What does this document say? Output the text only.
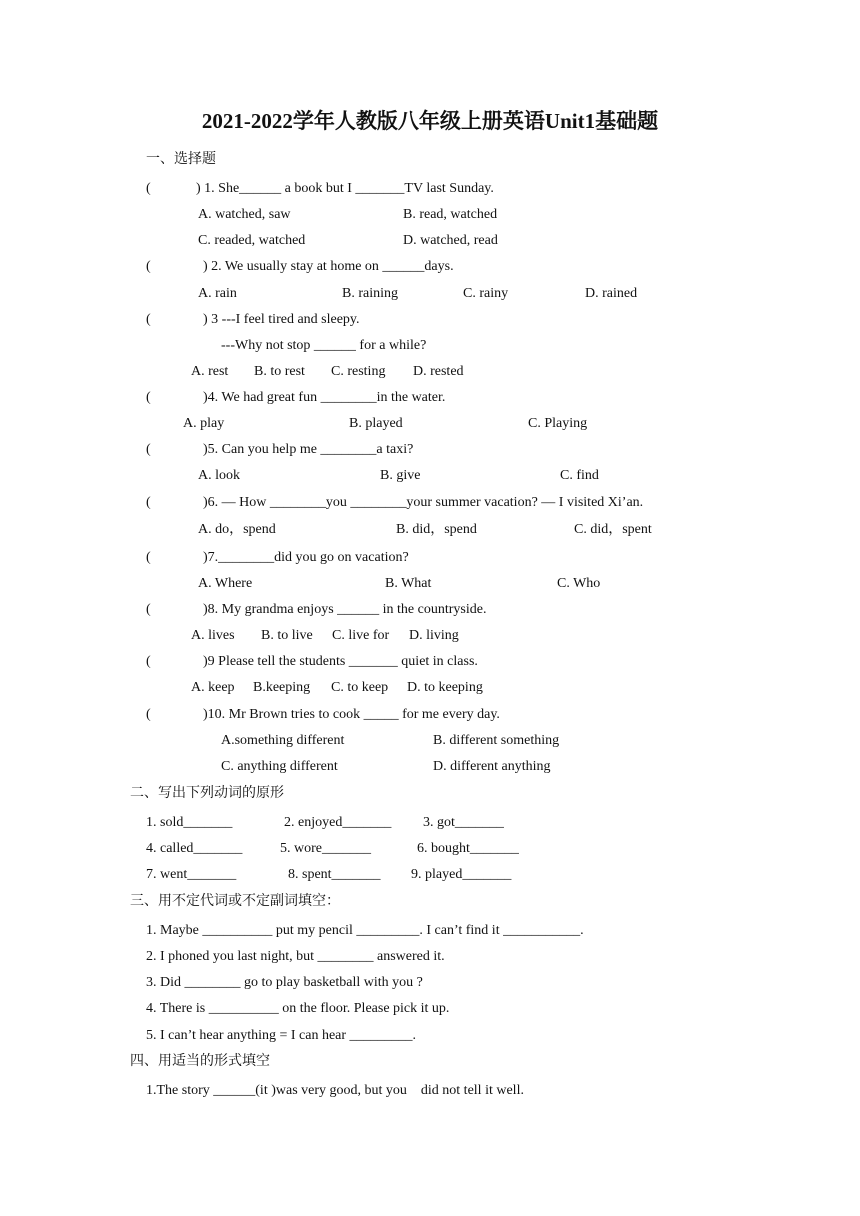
2021-2022学年人教版八年级上册英语Unit1基础题
一、选择题
(	) 1. She______ a book but I _______TV last Sunday.
A. watched, saw	B. read, watched
C. readed, watched	D. watched, read
(	) 2. We usually stay at home on ______days.
A. rain	B. raining	C. rainy	D. rained
(	) 3 ---I feel tired and sleepy.
---Why not stop ______ for a while?
A. rest B. to rest C. resting D. rested
(	)4. We had great fun ________in the water.
A. play	B. played	C. Playing
(	)5. Can you help me ________a taxi?
A. look	B. give	C. find
(	)6. — How ________you ________your summer vacation? — I visited Xi’an.
A. do，spend	B. did，spend	C. did，spent
(	)7.________did you go on vacation?
A. Where	B. What	C. Who
(	)8. My grandma enjoys ______ in the countryside.
A. lives B. to live C. live for D. living
(	)9 Please tell the students _______ quiet in class.
A. keep B.keeping C. to keep D. to keeping
(	)10. Mr Brown tries to cook _____ for me every day.
A.something different	B. different something
C. anything different	D. different anything
二、写出下列动词的原形
1. sold_______	2. enjoyed_______ 3. got_______
4. called_______	5. wore_______	6. bought_______
7. went_______	8. spent_______ 9. played_______
三、用不定代词或不定副词填空：
1. Maybe __________ put my pencil _________. I can’t find it ___________.
2. I phoned you last night, but ________ answered it.
3. Did ________ go to play basketball with you ?
4. There is __________ on the floor. Please pick it up.
5. I can’t hear anything = I can hear _________.
四、用适当的形式填空
1.The story ______(it )was very good, but you    did not tell it well.
